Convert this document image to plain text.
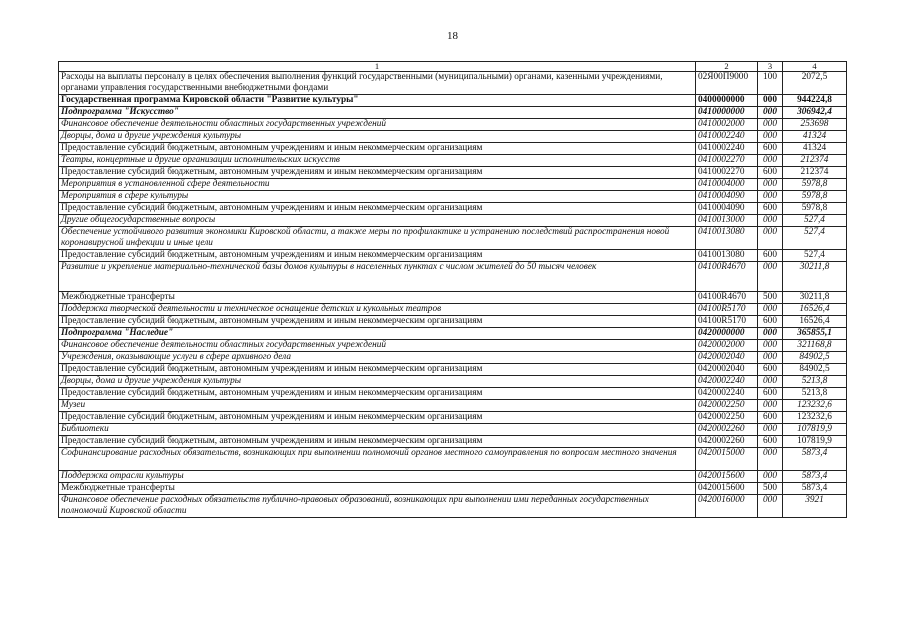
18
1	2	3	4
Расходы на выплаты персоналу в целях обеспечения выполнения функций государственными (муниципальными) органами, казенными учреждениями, органами управления государственными внебюджетными фондами	02Я00П9000	100	2072,5
Государственная программа Кировской области "Развитие культуры"	0400000000	000	944224,8
Подпрограмма "Искусство"	0410000000	000	306942,4
Финансовое обеспечение деятельности областных государственных учреждений	0410002000	000	253698
Дворцы, дома и другие учреждения культуры	0410002240	000	41324
Предоставление субсидий бюджетным, автономным учреждениям и иным некоммерческим организациям	0410002240	600	41324
Театры, концертные и другие организации исполнительских искусств	0410002270	000	212374
Предоставление субсидий бюджетным, автономным учреждениям и иным некоммерческим организациям	0410002270	600	212374
Мероприятия в установленной сфере деятельности	0410004000	000	5978,8
Мероприятия в сфере культуры	0410004090	000	5978,8
Предоставление субсидий бюджетным, автономным учреждениям и иным некоммерческим организациям	0410004090	600	5978,8
Другие общегосударственные вопросы	0410013000	000	527,4
Обеспечение устойчивого развития экономики Кировской области, а также меры по профилактике и устранению последствий распространения новой коронавирусной инфекции и иные цели	0410013080	000	527,4
Предоставление субсидий бюджетным, автономным учреждениям и иным некоммерческим организациям	0410013080	600	527,4
Развитие и укрепление материально-технической базы домов культуры в населенных пунктах с числом жителей до 50 тысяч человек	04100R4670	000	30211,8
Межбюджетные трансферты	04100R4670	500	30211,8
Поддержка творческой деятельности и техническое оснащение детских и кукольных театров	04100R5170	000	16526,4
Предоставление субсидий бюджетным, автономным учреждениям и иным некоммерческим организациям	04100R5170	600	16526,4
Подпрограмма "Наследие"	0420000000	000	365855,1
Финансовое обеспечение деятельности областных государственных учреждений	0420002000	000	321168,8
Учреждения, оказывающие услуги в сфере архивного дела	0420002040	000	84902,5
Предоставление субсидий бюджетным, автономным учреждениям и иным некоммерческим организациям	0420002040	600	84902,5
Дворцы, дома и другие учреждения культуры	0420002240	000	5213,8
Предоставление субсидий бюджетным, автономным учреждениям и иным некоммерческим организациям	0420002240	600	5213,8
Музеи	0420002250	000	123232,6
Предоставление субсидий бюджетным, автономным учреждениям и иным некоммерческим организациям	0420002250	600	123232,6
Библиотеки	0420002260	000	107819,9
Предоставление субсидий бюджетным, автономным учреждениям и иным некоммерческим организациям	0420002260	600	107819,9
Софинансирование расходных обязательств, возникающих при выполнении полномочий органов местного самоуправления по вопросам местного значения	0420015000	000	5873,4
Поддержка отрасли культуры	0420015600	000	5873,4
Межбюджетные трансферты	0420015600	500	5873,4
Финансовое обеспечение расходных обязательств публично-правовых образований, возникающих при выполнении ими переданных государственных полномочий Кировской области	0420016000	000	3921
